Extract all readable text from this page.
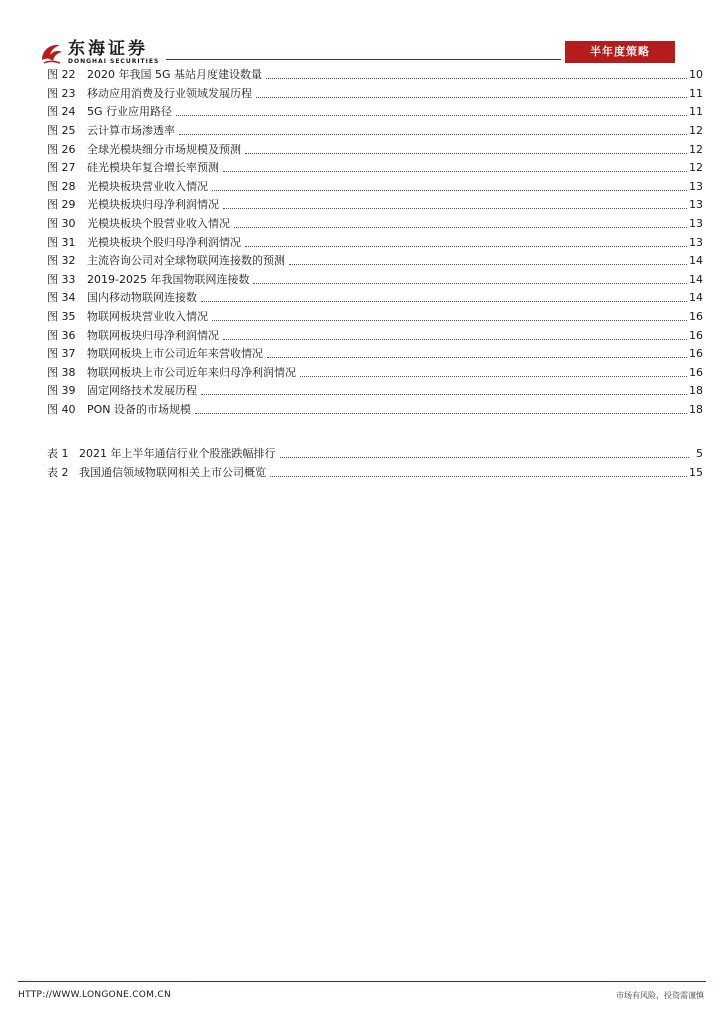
东海证券
DONGHAI SECURITIES
半年度策略
图 22	2020 年我国 5G 基站月度建设数量	10
图 23	移动应用消费及行业领域发展历程	11
图 24	5G 行业应用路径	11
图 25	云计算市场渗透率	12
图 26	全球光模块细分市场规模及预测	12
图 27	硅光模块年复合增长率预测	12
图 28	光模块板块营业收入情况	13
图 29	光模块板块归母净利润情况	13
图 30	光模块板块个股营业收入情况	13
图 31	光模块板块个股归母净利润情况	13
图 32	主流咨询公司对全球物联网连接数的预测	14
图 33	2019-2025 年我国物联网连接数	14
图 34	国内移动物联网连接数	14
图 35	物联网板块营业收入情况	16
图 36	物联网板块归母净利润情况	16
图 37	物联网板块上市公司近年来营收情况	16
图 38	物联网板块上市公司近年来归母净利润情况	16
图 39	固定网络技术发展历程	18
图 40	PON 设备的市场规模	18
表 1 2021 年上半年通信行业个股涨跌幅排行	5
表 2 我国通信领域物联网相关上市公司概览	15
HTTP://WWW.LONGONE.COM.CN	市场有风险，投资需谨慎
